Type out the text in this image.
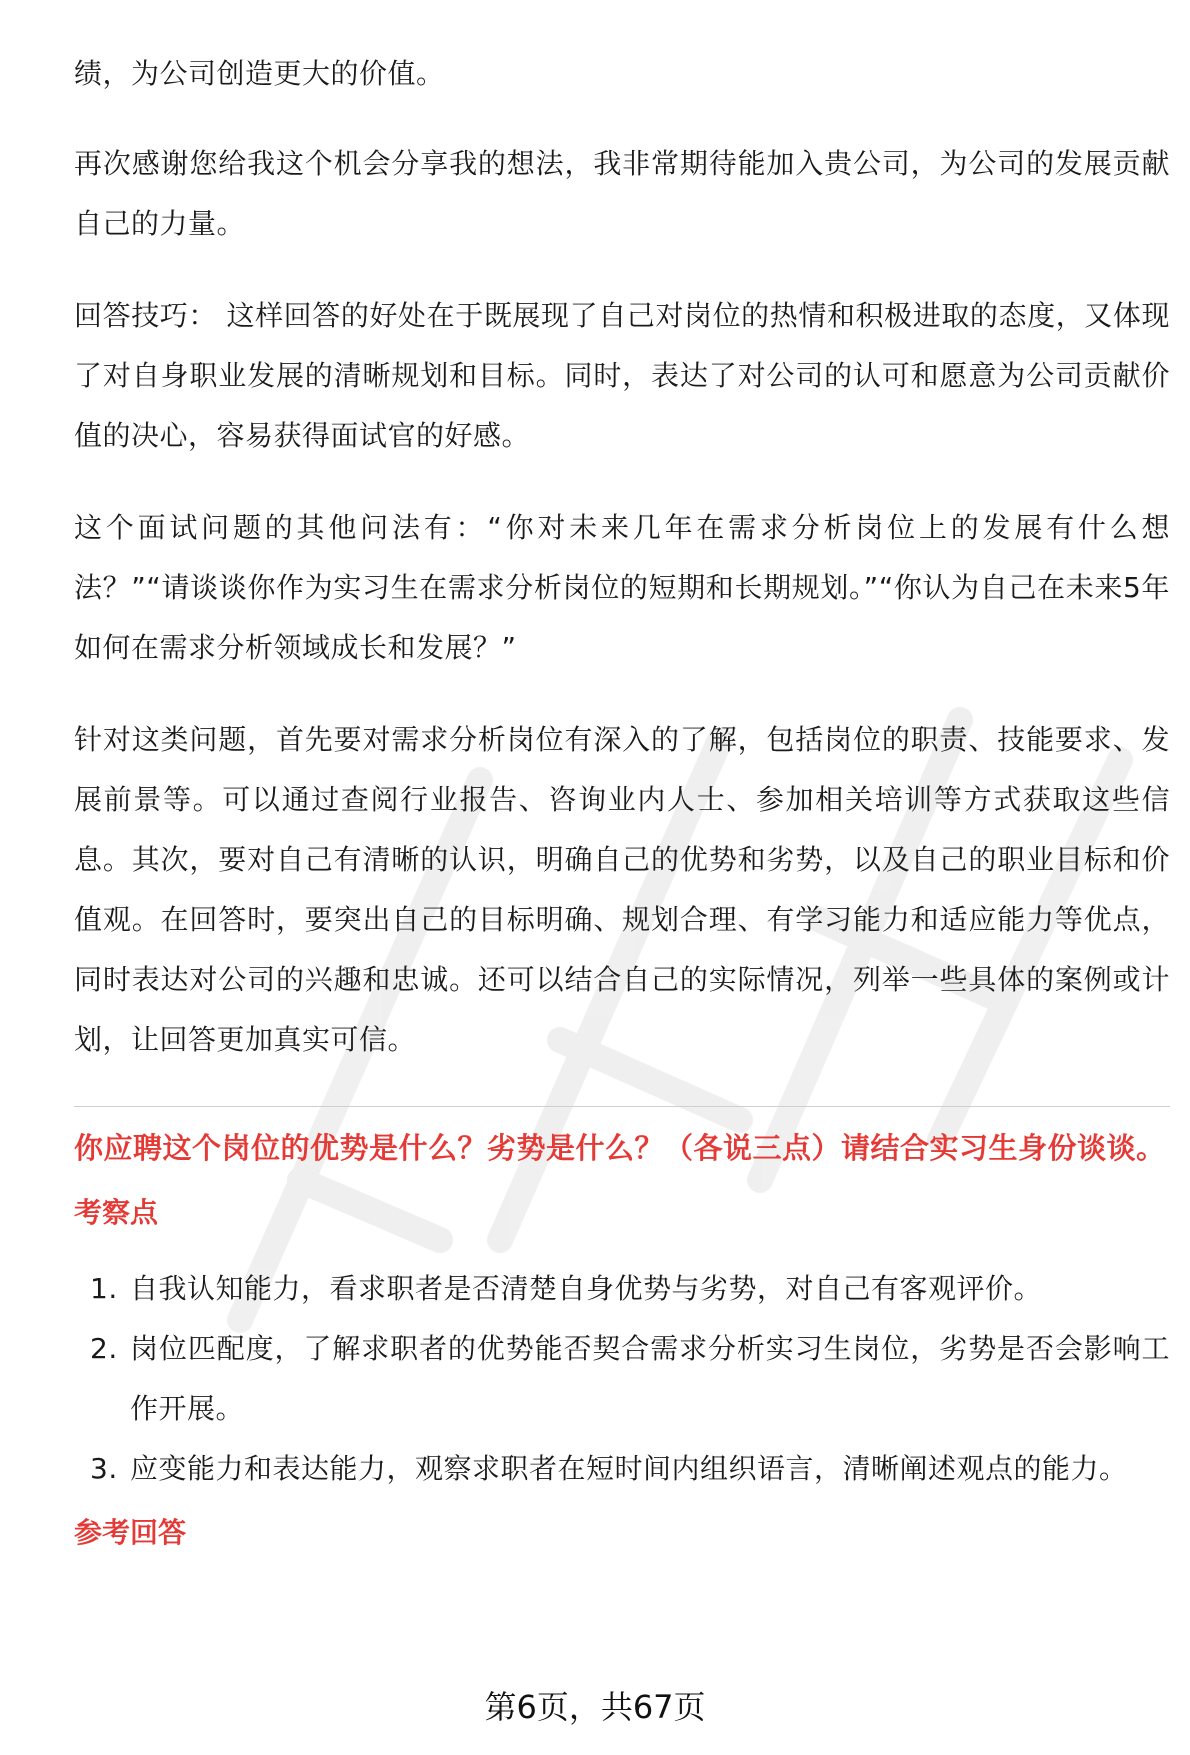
绩，为公司创造更大的价值。

再次感谢您给我这个机会分享我的想法，我非常期待能加入贵公司，为公司的发展贡献自己的力量。

回答技巧： 这样回答的好处在于既展现了自己对岗位的热情和积极进取的态度，又体现了对自身职业发展的清晰规划和目标。同时，表达了对公司的认可和愿意为公司贡献价值的决心，容易获得面试官的好感。

这个面试问题的其他问法有：“你对未来几年在需求分析岗位上的发展有什么想法？”“请谈谈你作为实习生在需求分析岗位的短期和长期规划。”“你认为自己在未来5年如何在需求分析领域成长和发展？”

针对这类问题，首先要对需求分析岗位有深入的了解，包括岗位的职责、技能要求、发展前景等。可以通过查阅行业报告、咨询业内人士、参加相关培训等方式获取这些信息。其次，要对自己有清晰的认识，明确自己的优势和劣势，以及自己的职业目标和价值观。在回答时，要突出自己的目标明确、规划合理、有学习能力和适应能力等优点，同时表达对公司的兴趣和忠诚。还可以结合自己的实际情况，列举一些具体的案例或计划，让回答更加真实可信。

你应聘这个岗位的优势是什么？劣势是什么？（各说三点）请结合实习生身份谈谈。
考察点
1. 自我认知能力，看求职者是否清楚自身优势与劣势，对自己有客观评价。
2. 岗位匹配度，了解求职者的优势能否契合需求分析实习生岗位，劣势是否会影响工作开展。
3. 应变能力和表达能力，观察求职者在短时间内组织语言，清晰阐述观点的能力。
参考回答
第6页，共67页
